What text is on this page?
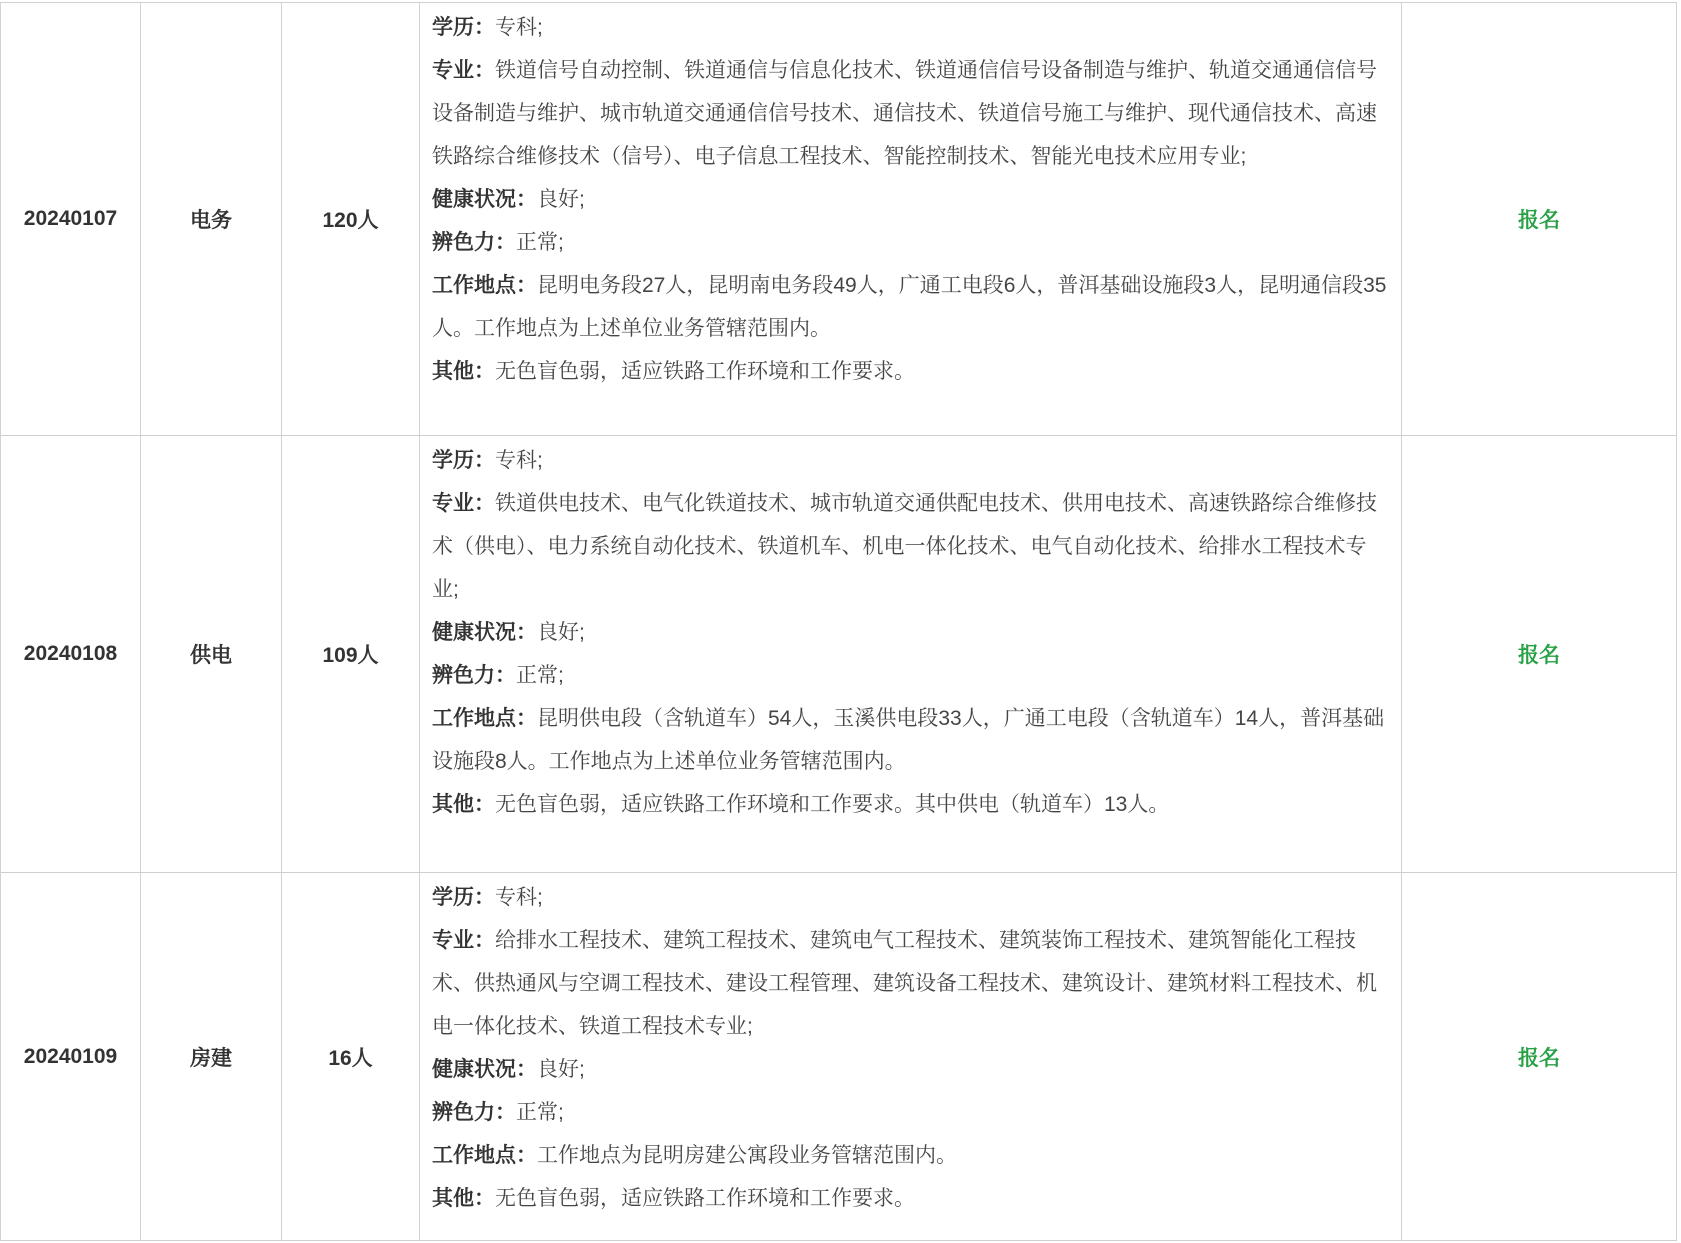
20240107	电务	120人

学历：专科;

专业：铁道信号自动控制、铁道通信与信息化技术、铁道通信信号设备制造与维护、轨道交通通信信号设备制造与维护、城市轨道交通通信信号技术、通信技术、铁道信号施工与维护、现代通信技术、高速铁路综合维修技术（信号）、电子信息工程技术、智能控制技术、智能光电技术应用专业;

健康状况：良好;

辨色力：正常;

工作地点：昆明电务段27人，昆明南电务段49人，广通工电段6人，普洱基础设施段3人，昆明通信段35人。工作地点为上述单位业务管辖范围内。

其他：无色盲色弱，适应铁路工作环境和工作要求。

报名
20240108	供电	109人

学历：专科;

专业：铁道供电技术、电气化铁道技术、城市轨道交通供配电技术、供用电技术、高速铁路综合维修技术（供电）、电力系统自动化技术、铁道机车、机电一体化技术、电气自动化技术、给排水工程技术专业;

健康状况：良好;

辨色力：正常;

工作地点：昆明供电段（含轨道车）54人，玉溪供电段33人，广通工电段（含轨道车）14人，普洱基础设施段8人。工作地点为上述单位业务管辖范围内。

其他：无色盲色弱，适应铁路工作环境和工作要求。其中供电（轨道车）13人。

报名
20240109	房建	16人

学历：专科;

专业：给排水工程技术、建筑工程技术、建筑电气工程技术、建筑装饰工程技术、建筑智能化工程技术、供热通风与空调工程技术、建设工程管理、建筑设备工程技术、建筑设计、建筑材料工程技术、机电一体化技术、铁道工程技术专业;

健康状况：良好;

辨色力：正常;

工作地点：工作地点为昆明房建公寓段业务管辖范围内。

其他：无色盲色弱，适应铁路工作环境和工作要求。

报名
